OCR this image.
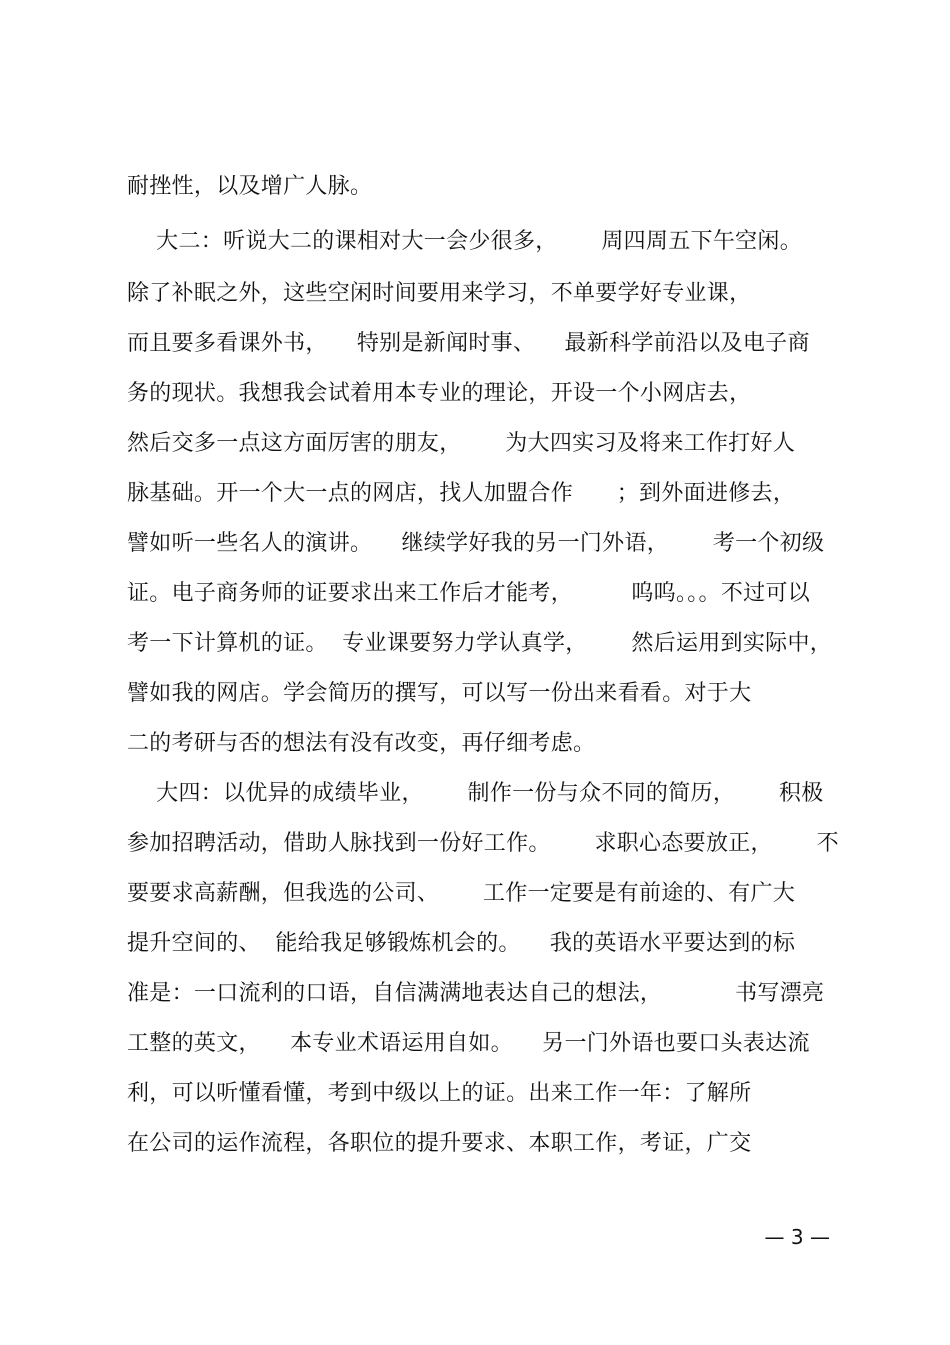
耐挫性，以及增广人脉。
大二：听说大二的课相对大一会少很多，      周四周五下午空闲。
除了补眠之外，这些空闲时间要用来学习，不单要学好专业课，
而且要多看课外书，    特别是新闻时事、    最新科学前沿以及电子商
务的现状。我想我会试着用本专业的理论，开设一个小网店去，
然后交多一点这方面厉害的朋友，      为大四实习及将来工作打好人
脉基础。开一个大一点的网店，找人加盟合作      ；到外面进修去，
譬如听一些名人的演讲。    继续学好我的另一门外语，      考一个初级
证。电子商务师的证要求出来工作后才能考，        呜呜。。。不过可以
考一下计算机的证。  专业课要努力学认真学，      然后运用到实际中，
譬如我的网店。学会简历的撰写，可以写一份出来看看。对于大
二的考研与否的想法有没有改变，再仔细考虑。
大四：以优异的成绩毕业，      制作一份与众不同的简历，      积极
参加招聘活动，借助人脉找到一份好工作。      求职心态要放正，      不
要要求高薪酬，但我选的公司、      工作一定要是有前途的、有广大
提升空间的、  能给我足够锻炼机会的。    我的英语水平要达到的标
准是：一口流利的口语，自信满满地表达自己的想法，          书写漂亮
工整的英文，    本专业术语运用自如。    另一门外语也要口头表达流
利，可以听懂看懂，考到中级以上的证。出来工作一年：了解所
在公司的运作流程，各职位的提升要求、本职工作，考证，广交
— 3 —
